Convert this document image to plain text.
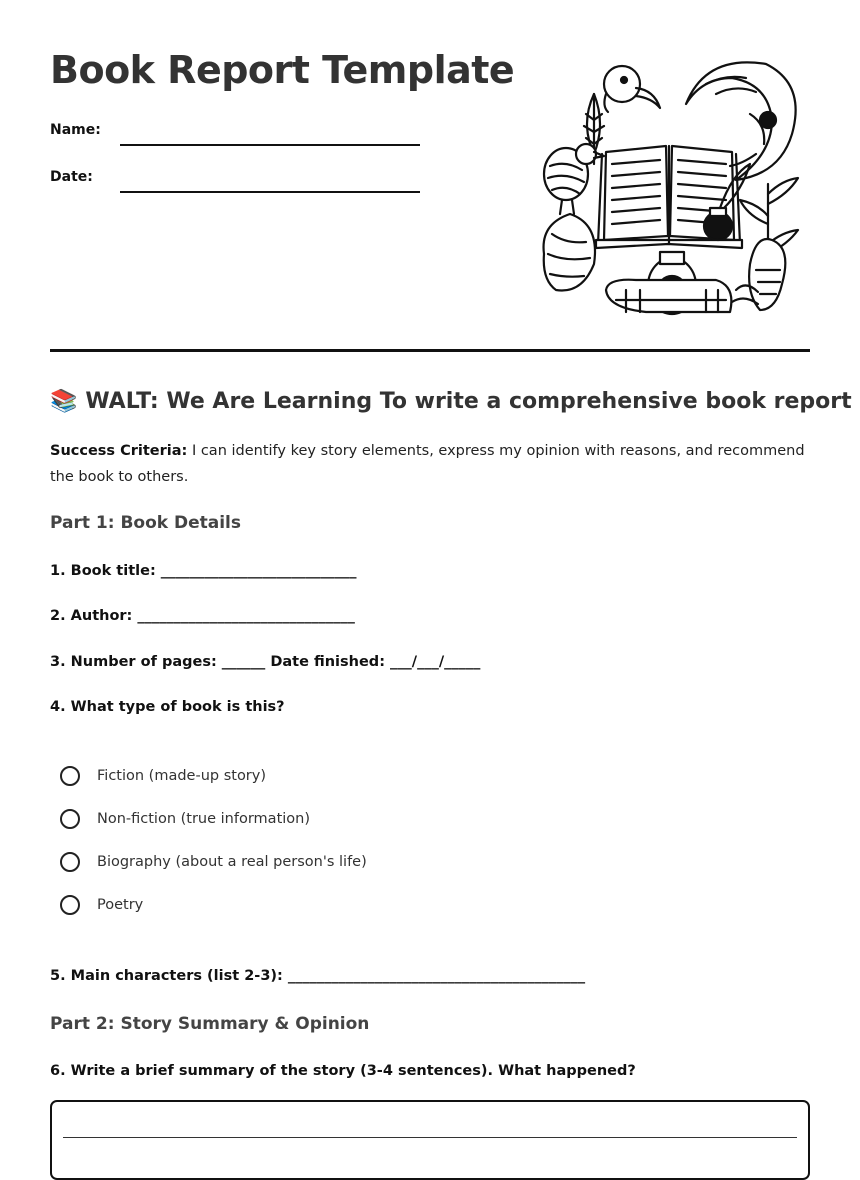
Book Report Template
Name:
Date:
📚 WALT: We Are Learning To write a comprehensive book report
Success Criteria: I can identify key story elements, express my opinion with reasons, and recommend the book to others.
Part 1: Book Details
1. Book title: ___________________________
2. Author: ______________________________
3. Number of pages: ______ Date finished: ___/___/_____
4. What type of book is this?
Fiction (made-up story)
Non-fiction (true information)
Biography (about a real person's life)
Poetry
5. Main characters (list 2-3): _________________________________________
Part 2: Story Summary & Opinion
6. Write a brief summary of the story (3-4 sentences). What happened?
